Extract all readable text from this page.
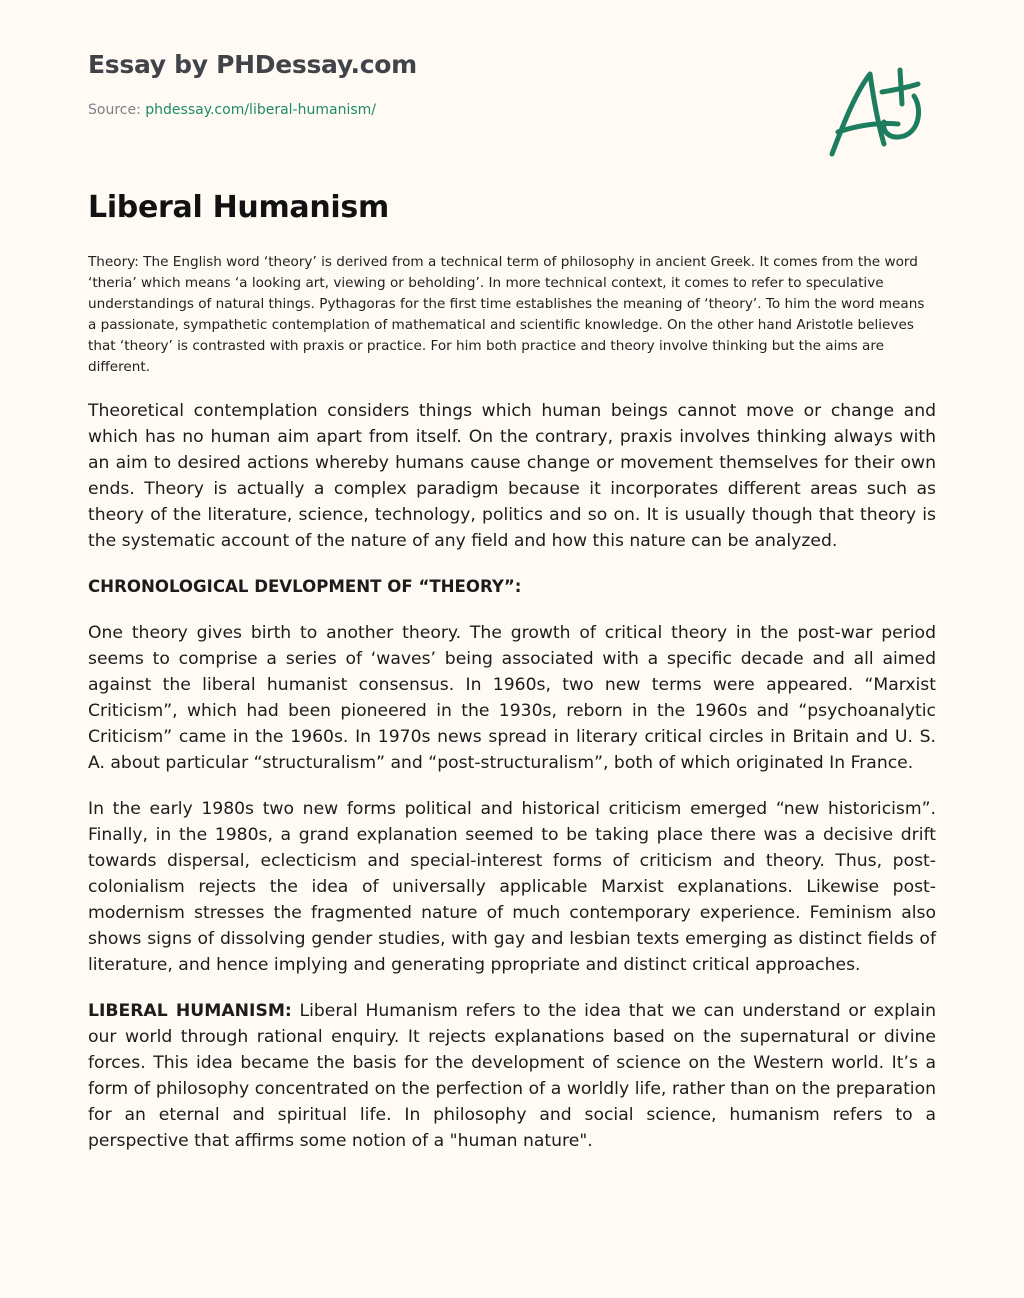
Essay by PHDessay.com
Source: phdessay.com/liberal-humanism/
Liberal Humanism
Theory: The English word ‘theory’ is derived from a technical term of philosophy in ancient Greek. It comes from the word ‘theria’ which means ‘a looking art, viewing or beholding’. In more technical context, it comes to refer to speculative understandings of natural things. Pythagoras for the first time establishes the meaning of ‘theory’. To him the word means a passionate, sympathetic contemplation of mathematical and scientific knowledge. On the other hand Aristotle believes that ‘theory’ is contrasted with praxis or practice. For him both practice and theory involve thinking but the aims are different.

Theoretical contemplation considers things which human beings cannot move or change and which has no human aim apart from itself. On the contrary, praxis involves thinking always with an aim to desired actions whereby humans cause change or movement themselves for their own ends. Theory is actually a complex paradigm because it incorporates different areas such as theory of the literature, science, technology, politics and so on. It is usually though that theory is the systematic account of the nature of any field and how this nature can be analyzed.

CHRONOLOGICAL DEVLOPMENT OF “THEORY”:

One theory gives birth to another theory. The growth of critical theory in the post-war period seems to comprise a series of ‘waves’ being associated with a specific decade and all aimed against the liberal humanist consensus. In 1960s, two new terms were appeared. “Marxist Criticism”, which had been pioneered in the 1930s, reborn in the 1960s and “psychoanalytic Criticism” came in the 1960s. In 1970s news spread in literary critical circles in Britain and U. S. A. about particular “structuralism” and “post-structuralism”, both of which originated In France.

In the early 1980s two new forms political and historical criticism emerged “new historicism”. Finally, in the 1980s, a grand explanation seemed to be taking place there was a decisive drift towards dispersal, eclecticism and special-interest forms of criticism and theory. Thus, post-colonialism rejects the idea of universally applicable Marxist explanations. Likewise post-modernism stresses the fragmented nature of much contemporary experience. Feminism also shows signs of dissolving gender studies, with gay and lesbian texts emerging as distinct fields of literature, and hence implying and generating ppropriate and distinct critical approaches.

LIBERAL HUMANISM: Liberal Humanism refers to the idea that we can understand or explain our world through rational enquiry. It rejects explanations based on the supernatural or divine forces. This idea became the basis for the development of science on the Western world. It’s a form of philosophy concentrated on the perfection of a worldly life, rather than on the preparation for an eternal and spiritual life. In philosophy and social science, humanism refers to a perspective that affirms some notion of a "human nature".
